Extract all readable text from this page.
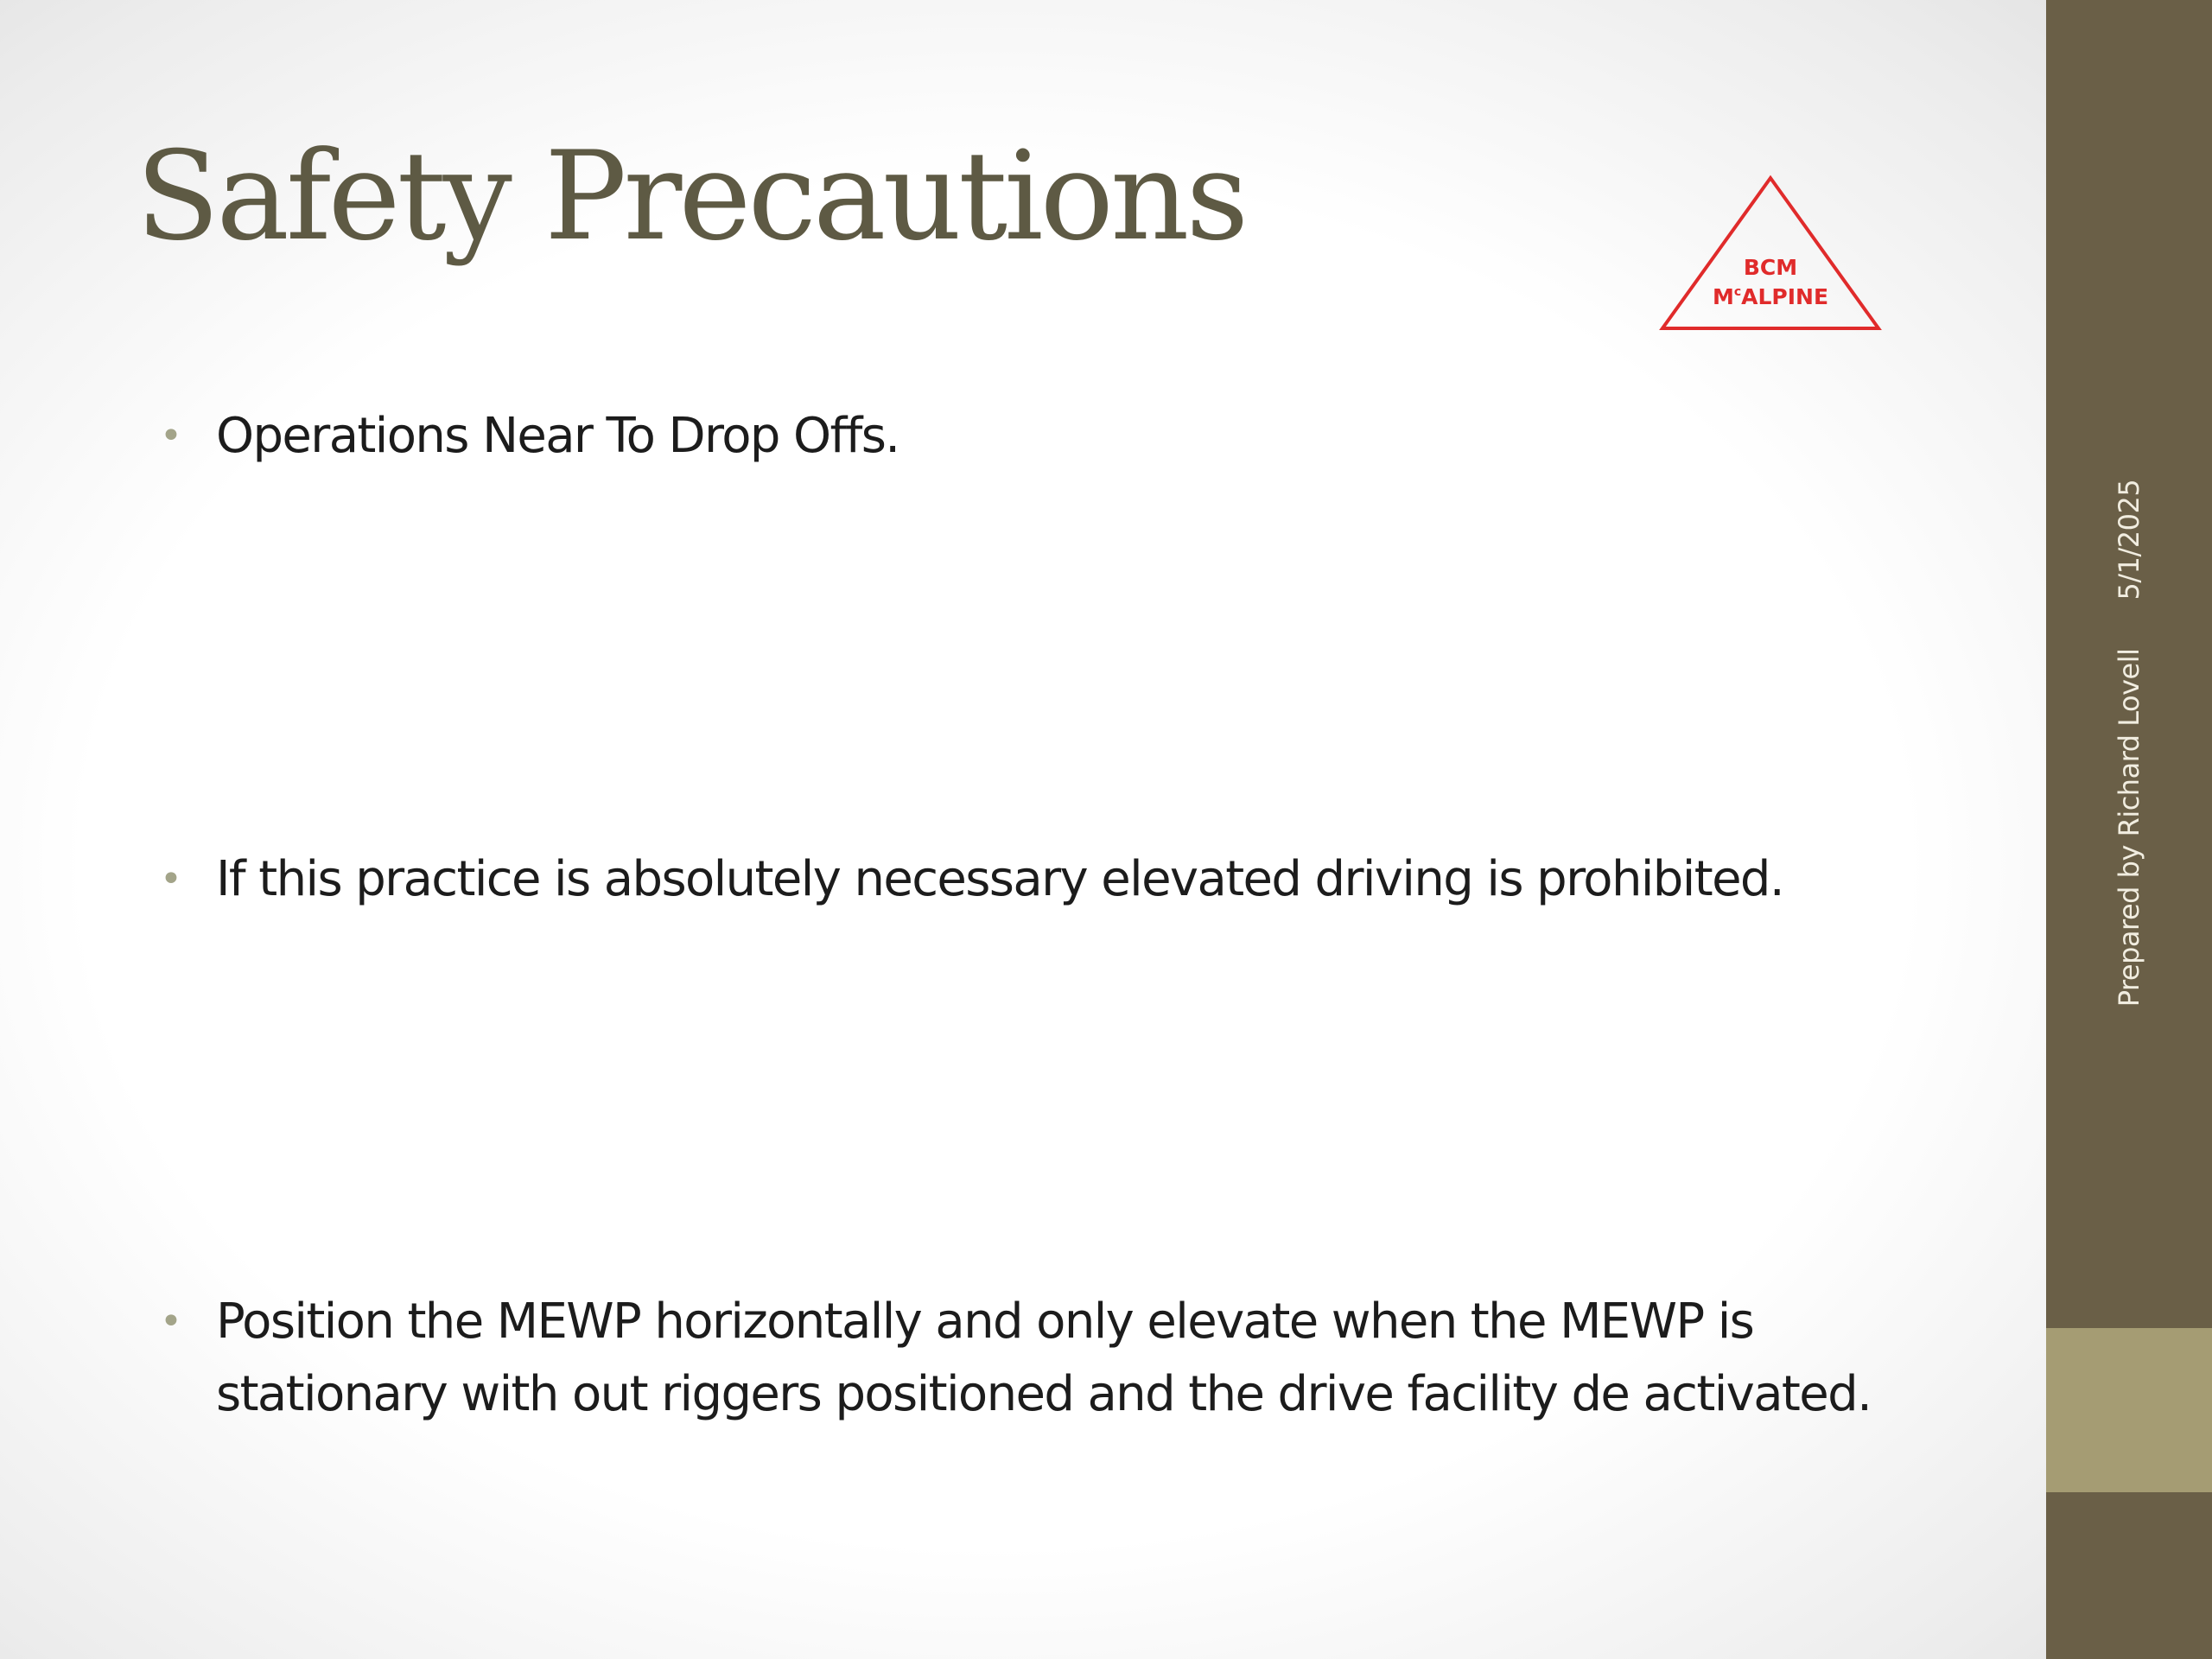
Safety Precautions	BCM
$M^cALPINE$
• Operations Near To Drop Offs.
• If this practice is absolutely necessary elevated driving is prohibited.
• Position the MEWP horizontally and only elevate when the MEWP is stationary with out riggers positioned and the drive facility de activated.
Prepared by Richard Lovell5/1/2025
